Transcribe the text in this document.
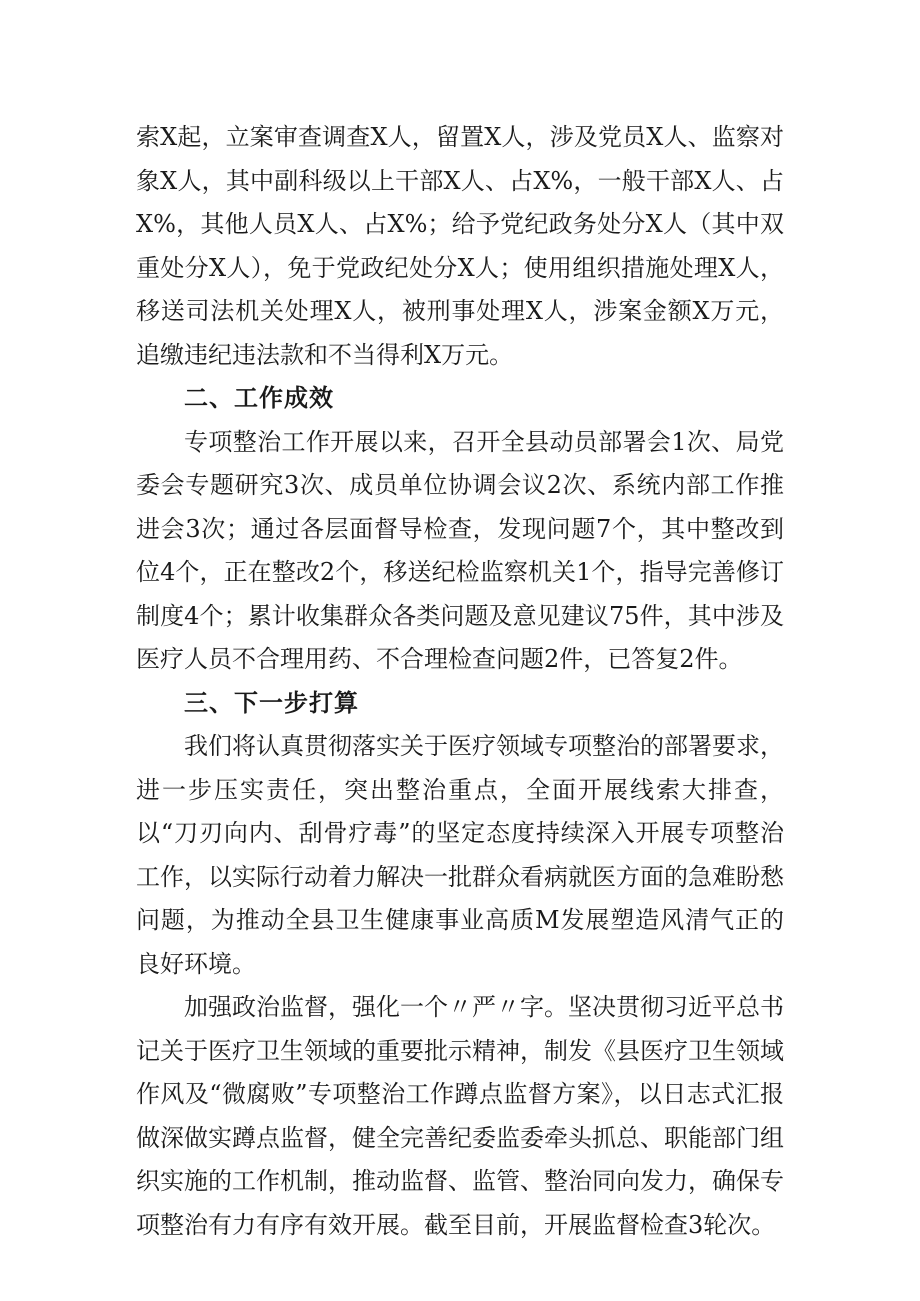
索X起，立案审查调查X人，留置X人，涉及党员X人、监察对象X人，其中副科级以上干部X人、占X%，一般干部X人、占X%，其他人员X人、占X%；给予党纪政务处分X人（其中双重处分X人），免于党政纪处分X人；使用组织措施处理X人，移送司法机关处理X人，被刑事处理X人，涉案金额X万元，追缴违纪违法款和不当得利X万元。

二、工作成效

专项整治工作开展以来，召开全县动员部署会1次、局党委会专题研究3次、成员单位协调会议2次、系统内部工作推进会3次；通过各层面督导检查，发现问题7个，其中整改到位4个，正在整改2个，移送纪检监察机关1个，指导完善修订制度4个；累计收集群众各类问题及意见建议75件，其中涉及医疗人员不合理用药、不合理检查问题2件，已答复2件。

三、下一步打算

我们将认真贯彻落实关于医疗领域专项整治的部署要求，进一步压实责任，突出整治重点，全面开展线索大排查，以“刀刃向内、刮骨疗毒”的坚定态度持续深入开展专项整治工作，以实际行动着力解决一批群众看病就医方面的急难盼愁问题，为推动全县卫生健康事业高质M发展塑造风清气正的良好环境。

加强政治监督，强化一个〃严〃字。坚决贯彻习近平总书记关于医疗卫生领域的重要批示精神，制发《县医疗卫生领域作风及“微腐败”专项整治工作蹲点监督方案》，以日志式汇报做深做实蹲点监督，健全完善纪委监委牵头抓总、职能部门组织实施的工作机制，推动监督、监管、整治同向发力，确保专项整治有力有序有效开展。截至目前，开展监督检查3轮次。
